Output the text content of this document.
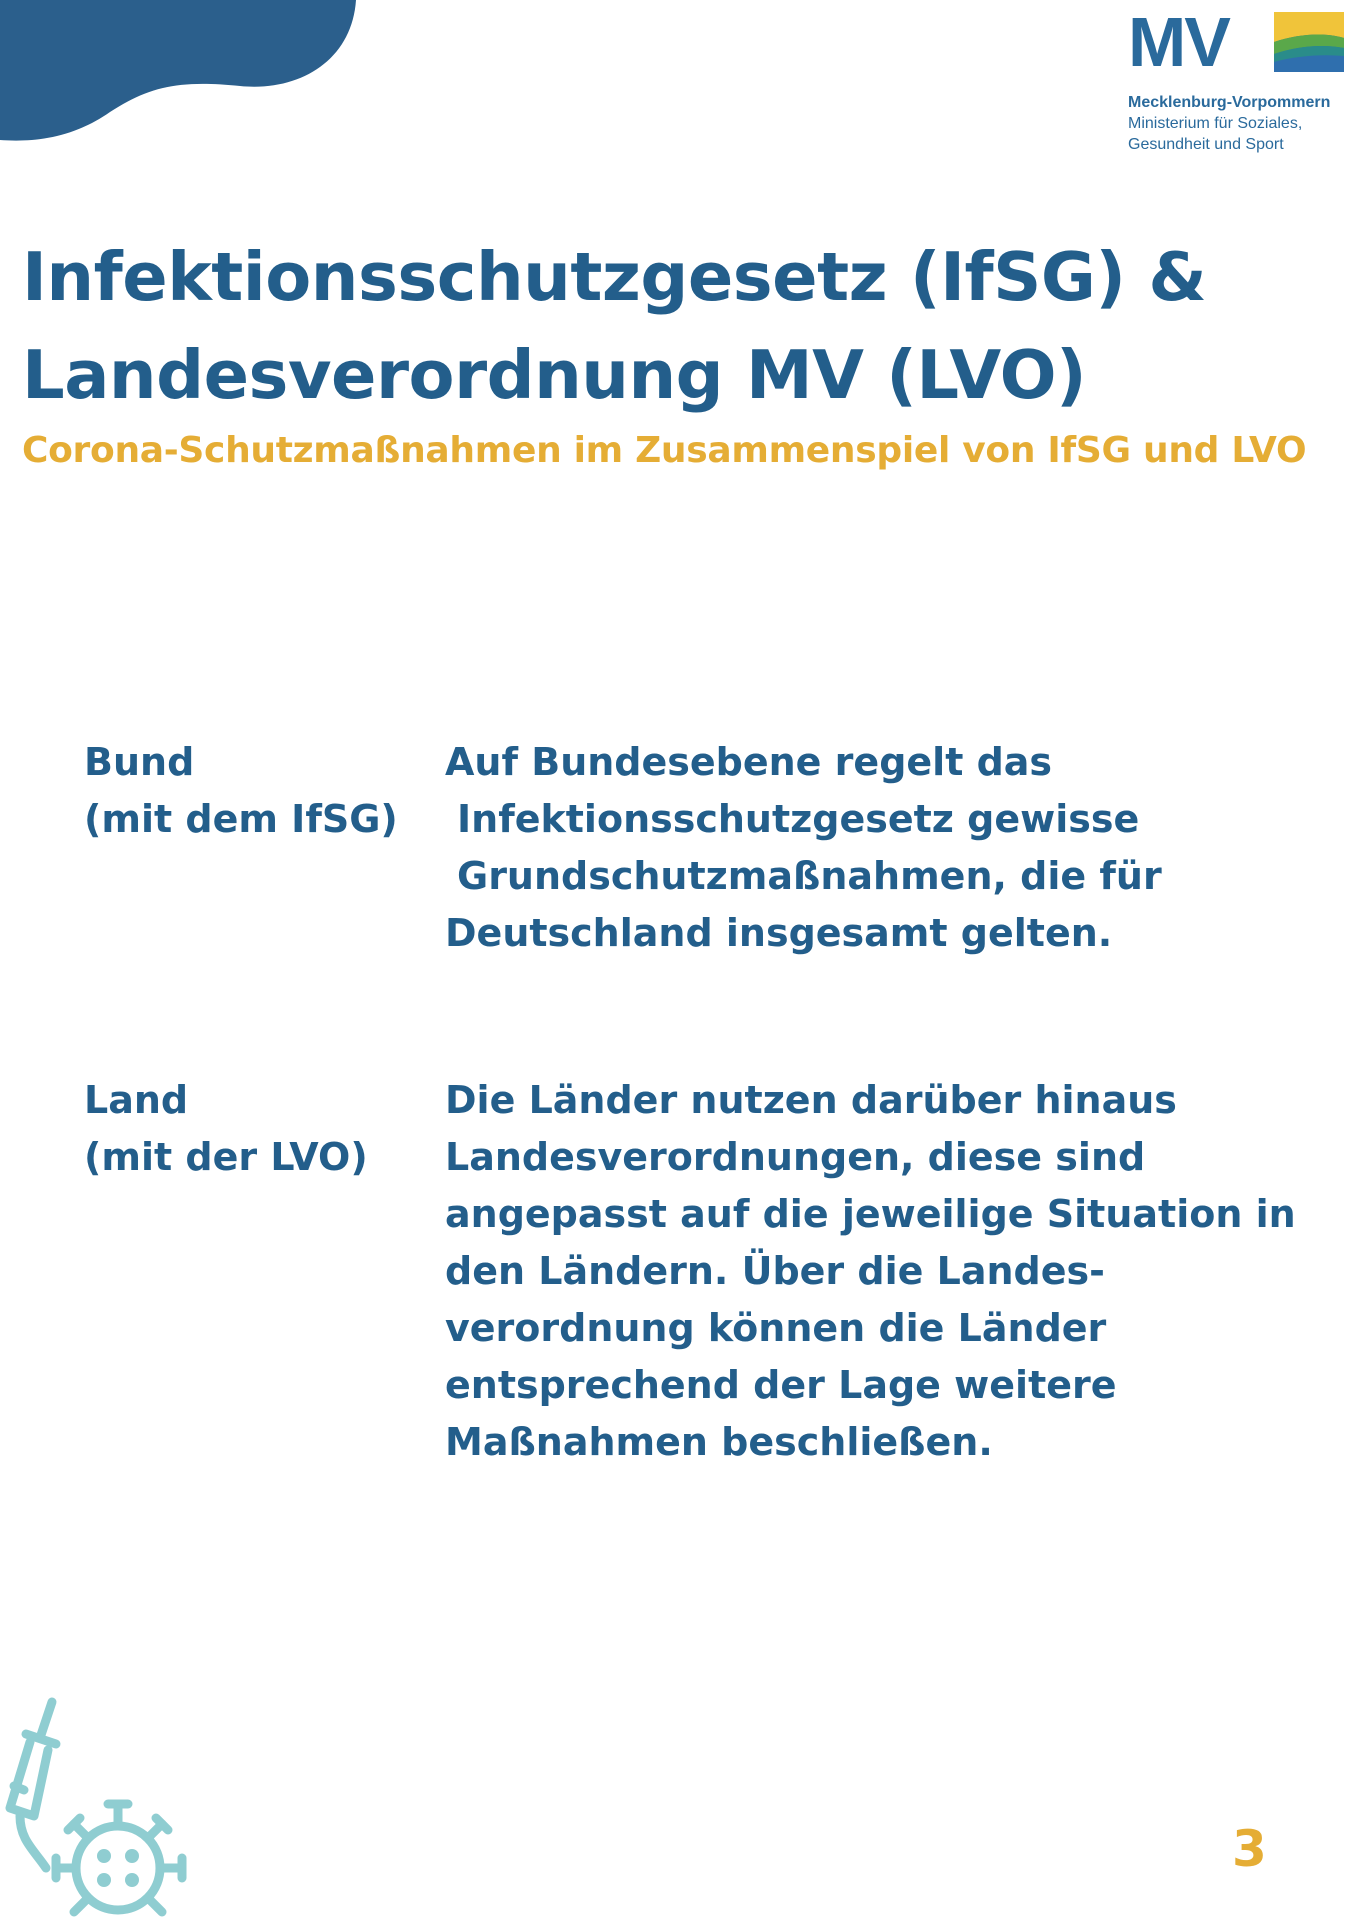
MV
Mecklenburg-Vorpommern
Ministerium für Soziales,
Gesundheit und Sport
Infektionsschutzgesetz (IfSG) &
Landesverordnung MV (LVO)
Corona-Schutzmaßnahmen im Zusammenspiel von IfSG und LVO
Bund
(mit dem IfSG)
Auf Bundesebene regelt das
Infektionsschutzgesetz gewisse
Grundschutzmaßnahmen, die für
Deutschland insgesamt gelten.
Land
(mit der LVO)
Die Länder nutzen darüber hinaus
Landesverordnungen, diese sind
angepasst auf die jeweilige Situation in
den Ländern. Über die Landes-
verordnung können die Länder
entsprechend der Lage weitere
Maßnahmen beschließen.
3
